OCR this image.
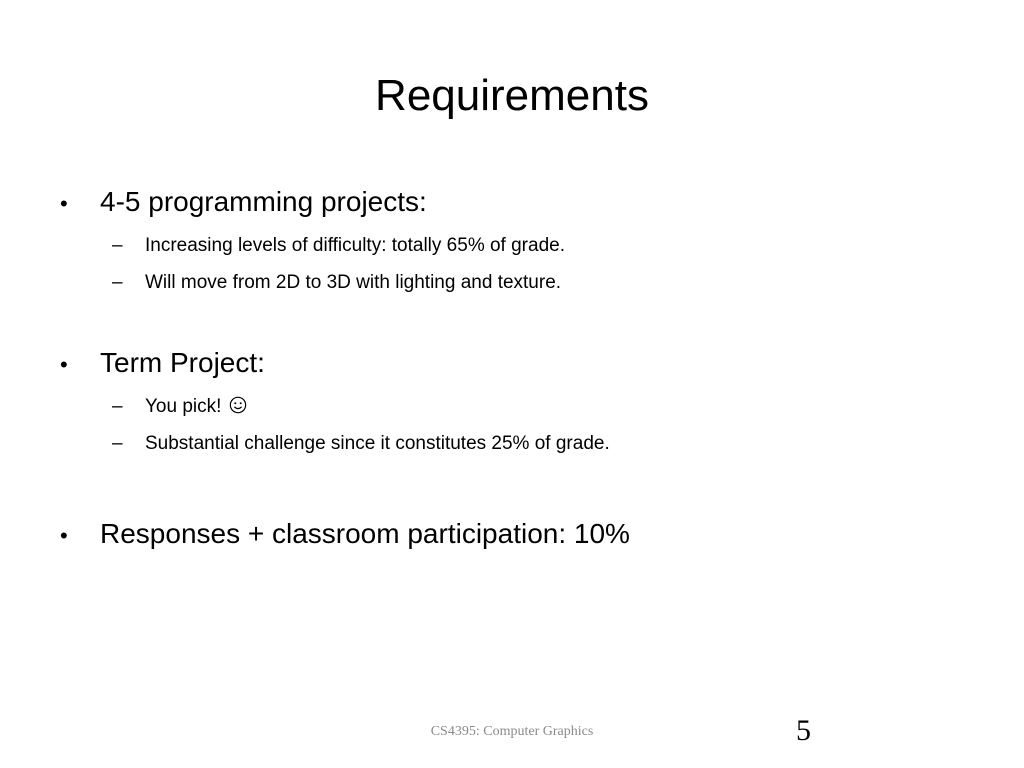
Requirements
• 4-5 programming projects:
– Increasing levels of difficulty: totally 65% of grade.
– Will move from 2D to 3D with lighting and texture.
• Term Project:
– You pick!
– Substantial challenge since it constitutes 25% of grade.
• Responses + classroom participation: 10%
CS4395: Computer Graphics	5
